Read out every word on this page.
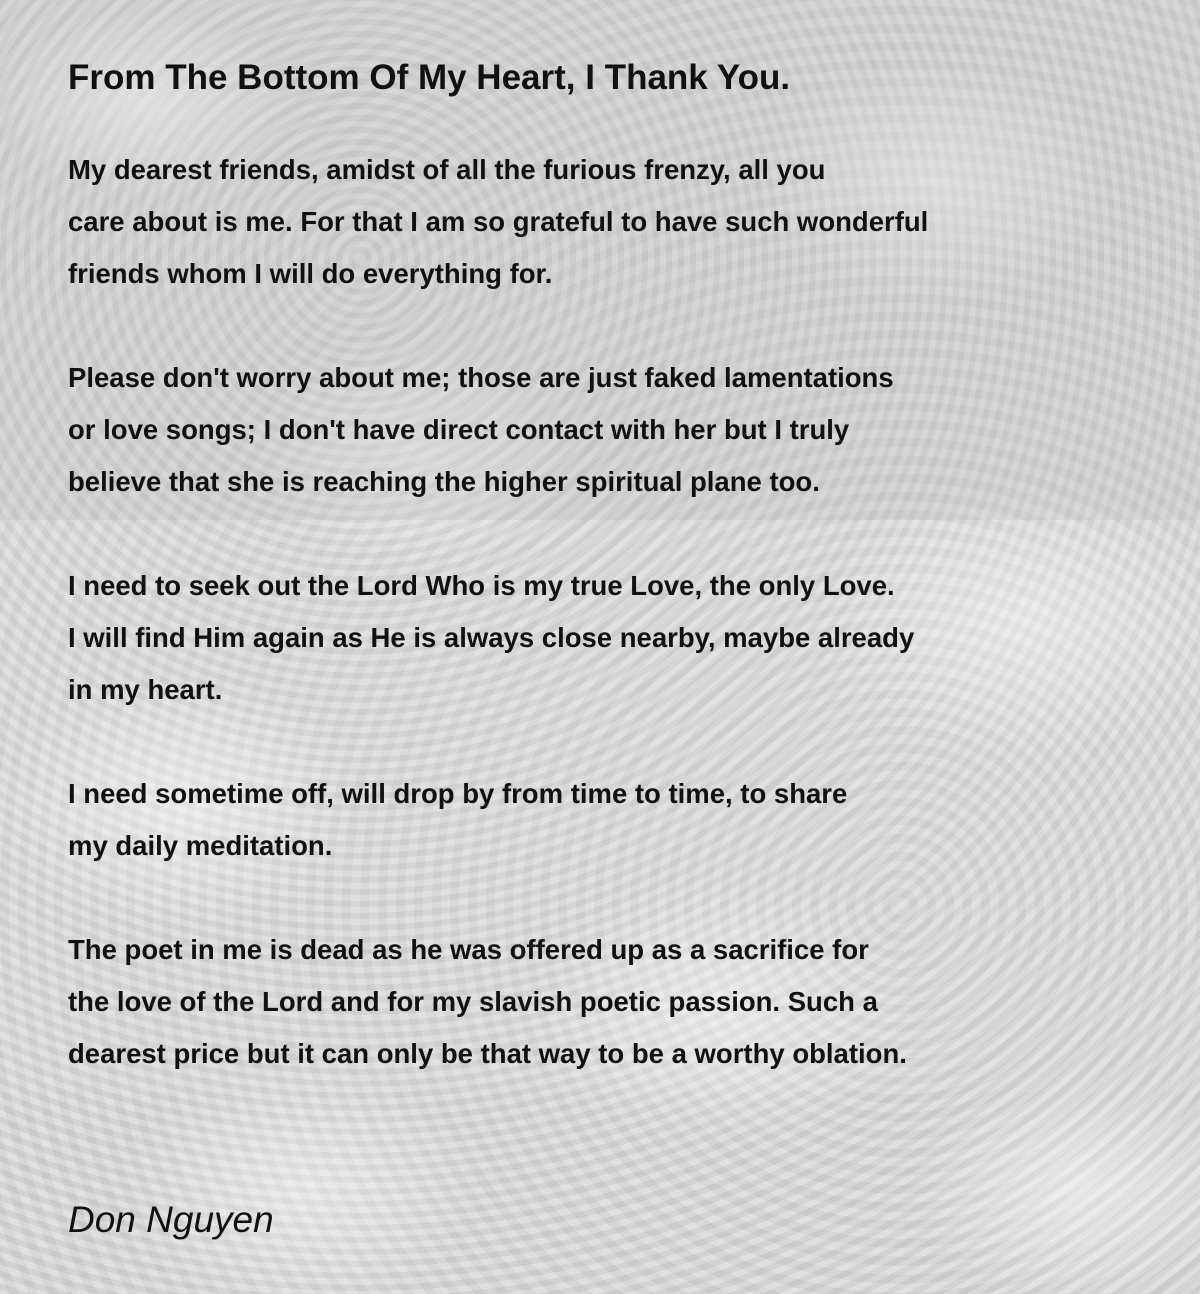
From The Bottom Of My Heart, I Thank You.
My dearest friends, amidst of all the furious frenzy, all you
care about is me. For that I am so grateful to have such wonderful
friends whom I will do everything for.
Please don't worry about me; those are just faked lamentations
or love songs; I don't have direct contact with her but I truly
believe that she is reaching the higher spiritual plane too.
I need to seek out the Lord Who is my true Love, the only Love.
I will find Him again as He is always close nearby, maybe already
in my heart.
I need sometime off, will drop by from time to time, to share
my daily meditation.
The poet in me is dead as he was offered up as a sacrifice for
the love of the Lord and for my slavish poetic passion. Such a
dearest price but it can only be that way to be a worthy oblation.
Don Nguyen
